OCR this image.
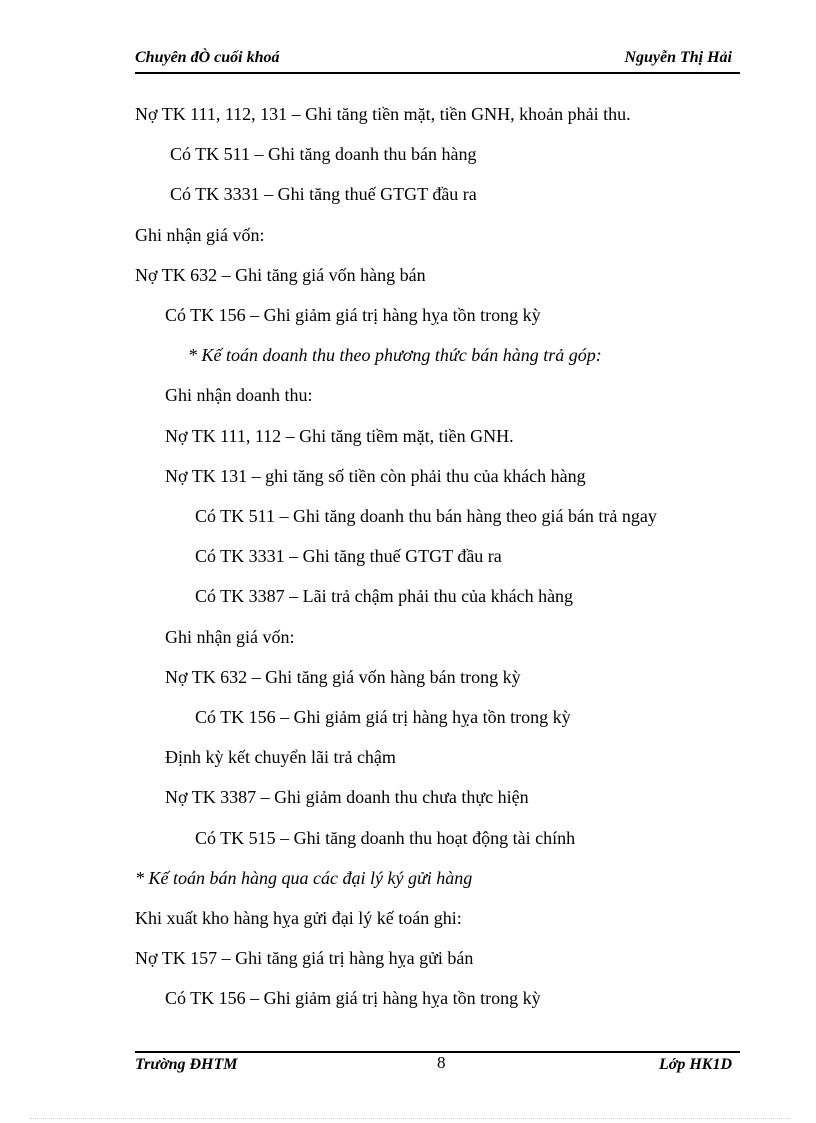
Chuyên đÒ cuối khoá	Nguyễn Thị Hải
Nợ TK 111, 112, 131 – Ghi tăng tiền mặt, tiền GNH, khoản phải thu.
Có TK 511 – Ghi tăng doanh thu bán hàng
Có TK 3331 – Ghi tăng thuế GTGT đầu ra
Ghi nhận giá vốn:
Nợ TK 632 – Ghi tăng giá vốn hàng bán
Có TK 156 – Ghi giảm giá trị hàng hỵa tồn trong kỳ
* Kế toán doanh thu theo phương thức bán hàng trả góp:
Ghi nhận doanh thu:
Nợ TK 111, 112 – Ghi tăng tiềm mặt, tiền GNH.
Nợ TK 131 – ghi tăng số tiền còn phải thu của khách hàng
Có TK 511 – Ghi tăng doanh thu bán hàng theo giá bán trả ngay
Có TK 3331 – Ghi tăng thuế GTGT đầu ra
Có TK 3387 – Lãi trả chậm phải thu của khách hàng
Ghi nhận giá vốn:
Nợ TK 632 – Ghi tăng giá vốn hàng bán trong kỳ
Có TK 156 – Ghi giảm giá trị hàng hỵa tồn trong kỳ
Định kỳ kết chuyển lãi trả chậm
Nợ TK 3387 – Ghi giảm doanh thu chưa thực hiện
Có TK 515 – Ghi tăng doanh thu hoạt động tài chính
* Kế toán bán hàng qua các đại lý ký gửi hàng
Khi xuất kho hàng hỵa gửi đại lý kế toán ghi:
Nợ TK 157 – Ghi tăng giá trị hàng hỵa gửi bán
Có TK 156 – Ghi giảm giá trị hàng hỵa tồn trong kỳ
Trường ĐHTM	8	Lớp HK1D
